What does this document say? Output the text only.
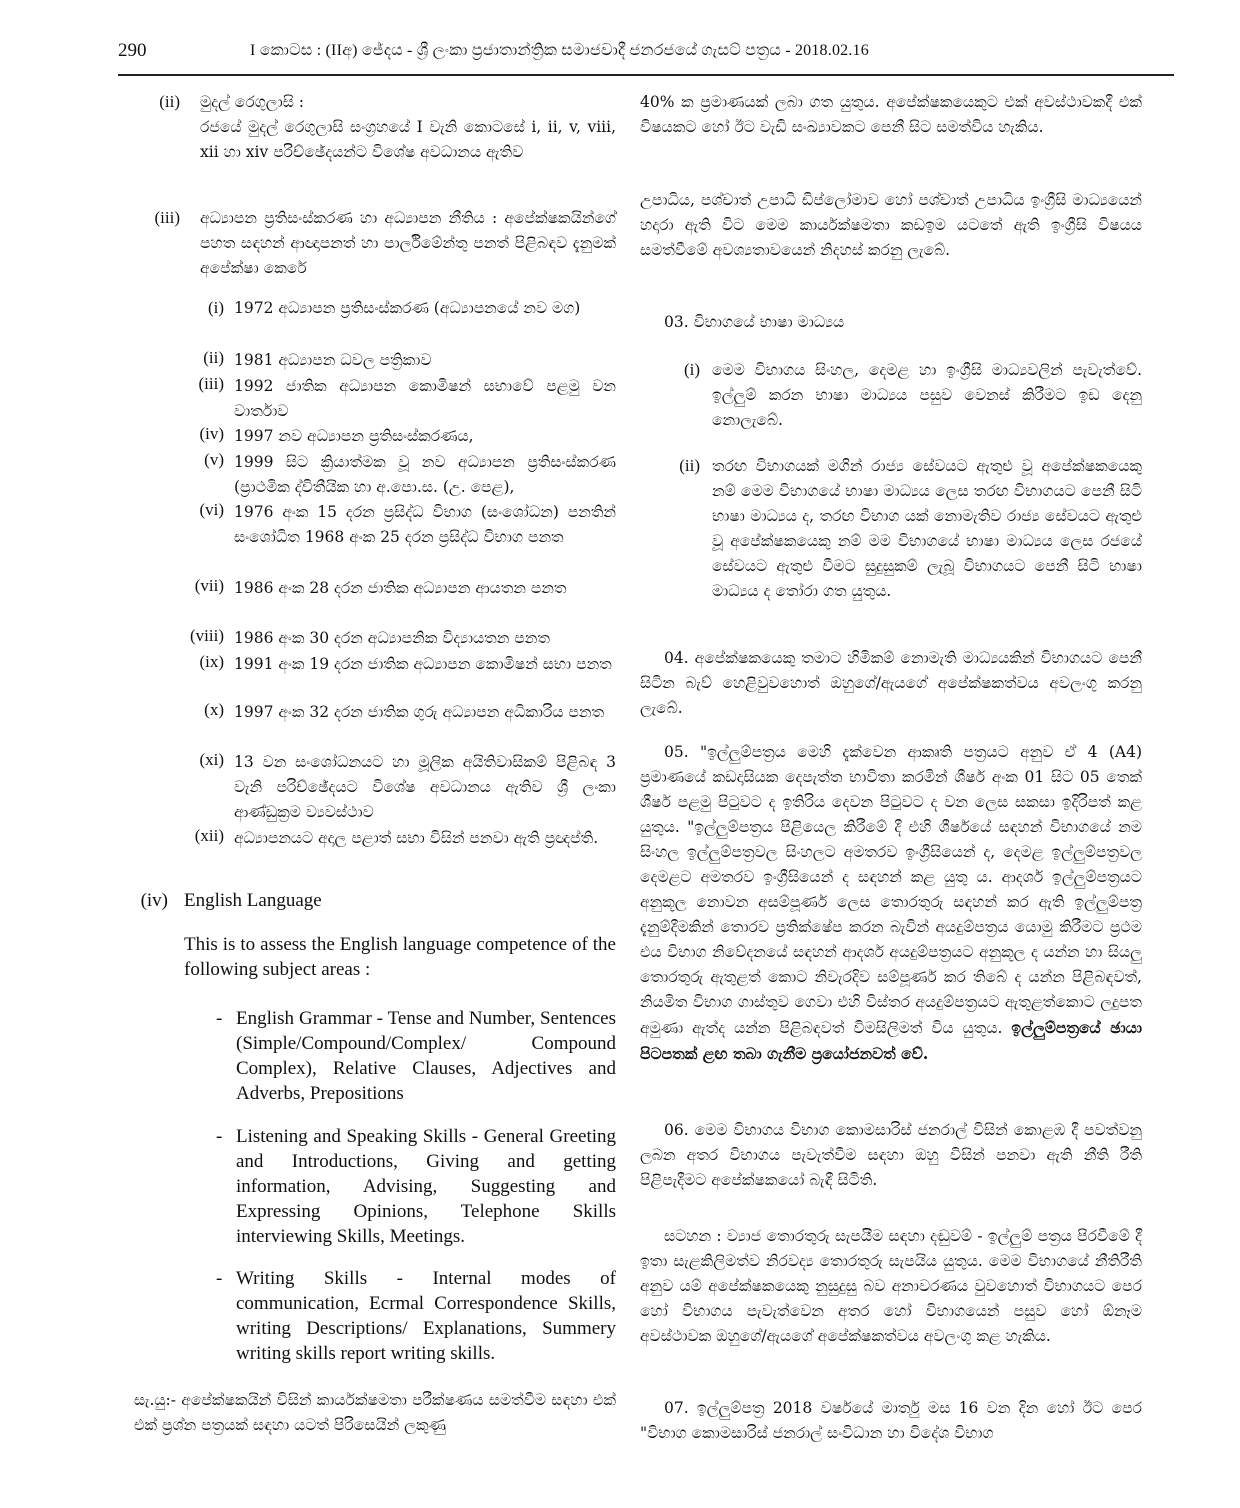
290	I කොටස : (IIඅ) ජේදය - ශ්‍රී ලංකා ප්‍රජාතාන්ත්‍රික සමාජවාදී ජනරජයේ ගැසට් පත්‍රය - 2018.02.16
(ii) මුදල් රෙගුලාසි :

රජයේ මුදල් රෙගුලාසි සංග්‍රහයේ I වැනි කොටසේ i, ii, v, viii, xii හා xiv පරිච්ඡේදයන්ට විශේෂ අවධානය ඇතිව

(iii) අධ්‍යාපන ප්‍රතිසංස්කරණ හා අධ්‍යාපන නීතිය : අපේක්ෂකයින්ගේ පහත සඳහන් ආඥාපනත් හා පාර්ලිමේන්තු පනත් පිළිබඳව දැනුමක් අපේක්ෂා කෙරේ
(i) 1972 අධ්‍යාපන ප්‍රතිසංස්කරණ (අධ්‍යාපනයේ නව මග)
(ii) 1981 අධ්‍යාපන ධවල පත්‍රිකාව
(iii) 1992 ජාතික අධ්‍යාපන කොමිෂන් සභාවේ පළමු වන වාර්තාව
(iv) 1997 නව අධ්‍යාපන ප්‍රතිසංස්කරණය,
(v) 1999 සිට ක්‍රියාත්මක වූ නව අධ්‍යාපන ප්‍රතිසංස්කරණ (ප්‍රාථමික ද්විතීයික හා අ.පො.ස. (උ. පෙළ),
(vi) 1976 අංක 15 දරන ප්‍රසිද්ධ විභාග (සංශෝධන) පනතින් සංශෝධිත 1968 අංක 25 දරන ප්‍රසිද්ධ විභාග පනත
(vii) 1986 අංක 28 දරන ජාතික අධ්‍යාපන ආයතන පනත
(viii) 1986 අංක 30 දරන අධ්‍යාපනික විද්‍යායතන පනත
(ix) 1991 අංක 19 දරන ජාතික අධ්‍යාපන කොමිෂන් සභා පනත
(x) 1997 අංක 32 දරන ජාතික ගුරු අධ්‍යාපන අධිකාරිය පනත
(xi) 13 වන සංශෝධනයට හා මූලික අයිතිවාසිකම් පිළිබඳ 3 වැනි පරිච්ඡේදයට විශේෂ අවධානය ඇතිව ශ්‍රී ලංකා ආණ්ඩුක්‍රම ව්‍යවස්ථාව
(xii) අධ්‍යාපනයට අදාල පළාත් සභා විසින් පනවා ඇති ප්‍රඥප්ති.
(iv) English Language
This is to assess the English language competence of the following subject areas :
- English Grammar - Tense and Number, Sentences (Simple/Compound/Complex/ Compound Complex), Relative Clauses, Adjectives and Adverbs, Prepositions
- Listening and Speaking Skills - General Greeting and Introductions, Giving and getting information, Advising, Suggesting and Expressing Opinions, Telephone Skills interviewing Skills, Meetings.
- Writing Skills - Internal modes of communication, Ecrmal Correspondence Skills, writing Descriptions/ Explanations, Summery writing skills report writing skills.
සැ.යු:- අපේක්ෂකයින් විසින් කාර්යක්ෂමතා පරීක්ෂණය සමත්වීම සඳහා එක් එක් ප්‍රශ්න පත්‍රයක් සඳහා යටත් පිරිසෙයින් ලකුණු
40% ක ප්‍රමාණයක් ලබා ගත යුතුය. අපේක්ෂකයෙකුට එක් අවස්ථාවකදී එක් විෂයකට හෝ ඊට වැඩි සංඛ්‍යාවකට පෙනී සිට සමත්විය හැකිය.
උපාධිය, පශ්චාත් උපාධි ඩිප්ලෝමාව හෝ පශ්චාත් උපාධිය ඉංග්‍රීසි මාධ්‍යයෙන් හදාරා ඇති විට මෙම කාර්යක්ෂමතා කඩඉම යටතේ ඇති ඉංග්‍රීසි විෂයය සමත්වීමේ අවශ්‍යතාවයෙන් නිදහස් කරනු ලැබේ.
03. විභාගයේ භාෂා මාධ්‍යය
(i) මෙම විභාගය සිංහල, දෙමළ හා ඉංග්‍රීසි මාධ්‍යවලින් පැවැත්වේ. ඉල්ලුම් කරන භාෂා මාධ්‍යය පසුව වෙනස් කිරීමට ඉඩ දෙනු නොලැබේ.
(ii) තරඟ විභාගයක් මගින් රාජ්‍ය සේවයට ඇතුළු වූ අපේක්ෂකයෙකු නම් මෙම විභාගයේ භාෂා මාධ්‍යය ලෙස තරඟ විභාගයට පෙනී සිටි භාෂා මාධ්‍යය ද, තරඟ විභාග යක් නොමැතිව රාජ්‍ය සේවයට ඇතුළු වූ අපේක්ෂකයෙකු නම් මම විභාගයේ භාෂා මාධ්‍යය ලෙස රජයේ සේවයට ඇතුළු වීමට සුදුසුකම් ලැබූ විභාගයට පෙනී සිටි භාෂා මාධ්‍යය ද තෝරා ගත යුතුය.
04. අපේක්ෂකයෙකු තමාට හිමිකම් නොමැති මාධ්‍යයකින් විභාගයට පෙනී සිටින බැව් හෙළිවුවහොත් ඔහුගේ/ඇයගේ අපේක්ෂකත්වය අවලංගු කරනු ලැබේ.
05. "ඉල්ලුම්පත්‍රය මෙහි දැක්වෙන ආකෘති පත්‍රයට අනුව ඒ 4 (A4) ප්‍රමාණයේ කඩදාසියක දෙපැත්ත භාවිතා කරමින් ශීර්ෂ අංක 01 සිට 05 තෙක් ශීර්ෂ පළමු පිටුවට ද ඉතිරිය දෙවන පිටුවට ද වන ලෙස සකසා ඉදිරිපත් කළ යුතුය. "ඉල්ලුම්පත්‍රය පිළියෙල කිරීමේ දී එහි ශීර්ෂයේ සඳහන් විභාගයේ නම සිංහල ඉල්ලුම්පත්‍රවල සිංහලට අමතරව ඉංග්‍රීසියෙන් ද, දෙමළ ඉල්ලුම්පත්‍රවල දෙමළට අමතරව ඉංග්‍රීසියෙන් ද සඳහන් කළ යුතු ය. ආදර්ශ ඉල්ලුම්පත්‍රයට අනුකූල නොවන අසම්පූර්ණ ලෙස තොරතුරු සඳහන් කර ඇති ඉල්ලුම්පත්‍ර දැනුම්දීමකින් තොරව ප්‍රතික්ෂේප කරන බැවින් අයදුම්පත්‍රය යොමු කිරීමට ප්‍රථම එය විභාග නිවේදනයේ සඳහන් ආදර්ශ අයදුම්පත්‍රයට අනුකූල ද යන්න හා සියලු තොරතුරු ඇතුළත් කොට නිවැරදිව සම්පූර්ණ කර තිබේ ද යන්න පිළිබඳවත්, නියමිත විභාග ගාස්තුව ගෙවා එහි විස්තර අයදුම්පත්‍රයට ඇතුළත්කොට ලදුපත අමුණා ඇත්ද යන්න පිළිබඳවත් විමසිලිමත් විය යුතුය. ඉල්ලුම්පත්‍රයේ ඡායා පිටපතක් ළඟ තබා ගැනීම ප්‍රයෝජනවත් වේ.
06. මෙම විභාගය විභාග කොමසාරිස් ජනරාල් විසින් කොළඹ දී පවත්වනු ලබන අතර විභාගය පැවැත්වීම සඳහා ඔහු විසින් පනවා ඇති නීති රීති පිළිපැදීමට අපේක්ෂකයෝ බැඳී සිටිති.
සටහන : ව්‍යාජ තොරතුරු සැපයීම සඳහා දඬුවම් - ඉල්ලුම් පත්‍රය පිරවීමේ දී ඉතා සැළකිලිමත්ව නිරවද්‍ය තොරතුරු සැපයිය යුතුය. මෙම විභාගයේ නීතිරීති අනුව යම් අපේක්ෂකයෙකු නුසුදුසු බව අනාවරණය වුවහොත් විභාගයට පෙර හෝ විභාගය පැවැත්වෙන අතර හෝ විභාගයෙන් පසුව හෝ ඕනෑම අවස්ථාවක ඔහුගේ/ඇයගේ අපේක්ෂකත්වය අවලංගු කළ හැකිය.
07. ඉල්ලුම්පත්‍ර 2018 වර්ෂයේ මාර්තු මස 16 වන දින හෝ ඊට පෙර "විභාග කොමසාරිස් ජනරාල් සංවිධාන හා විදේශ විභාග
